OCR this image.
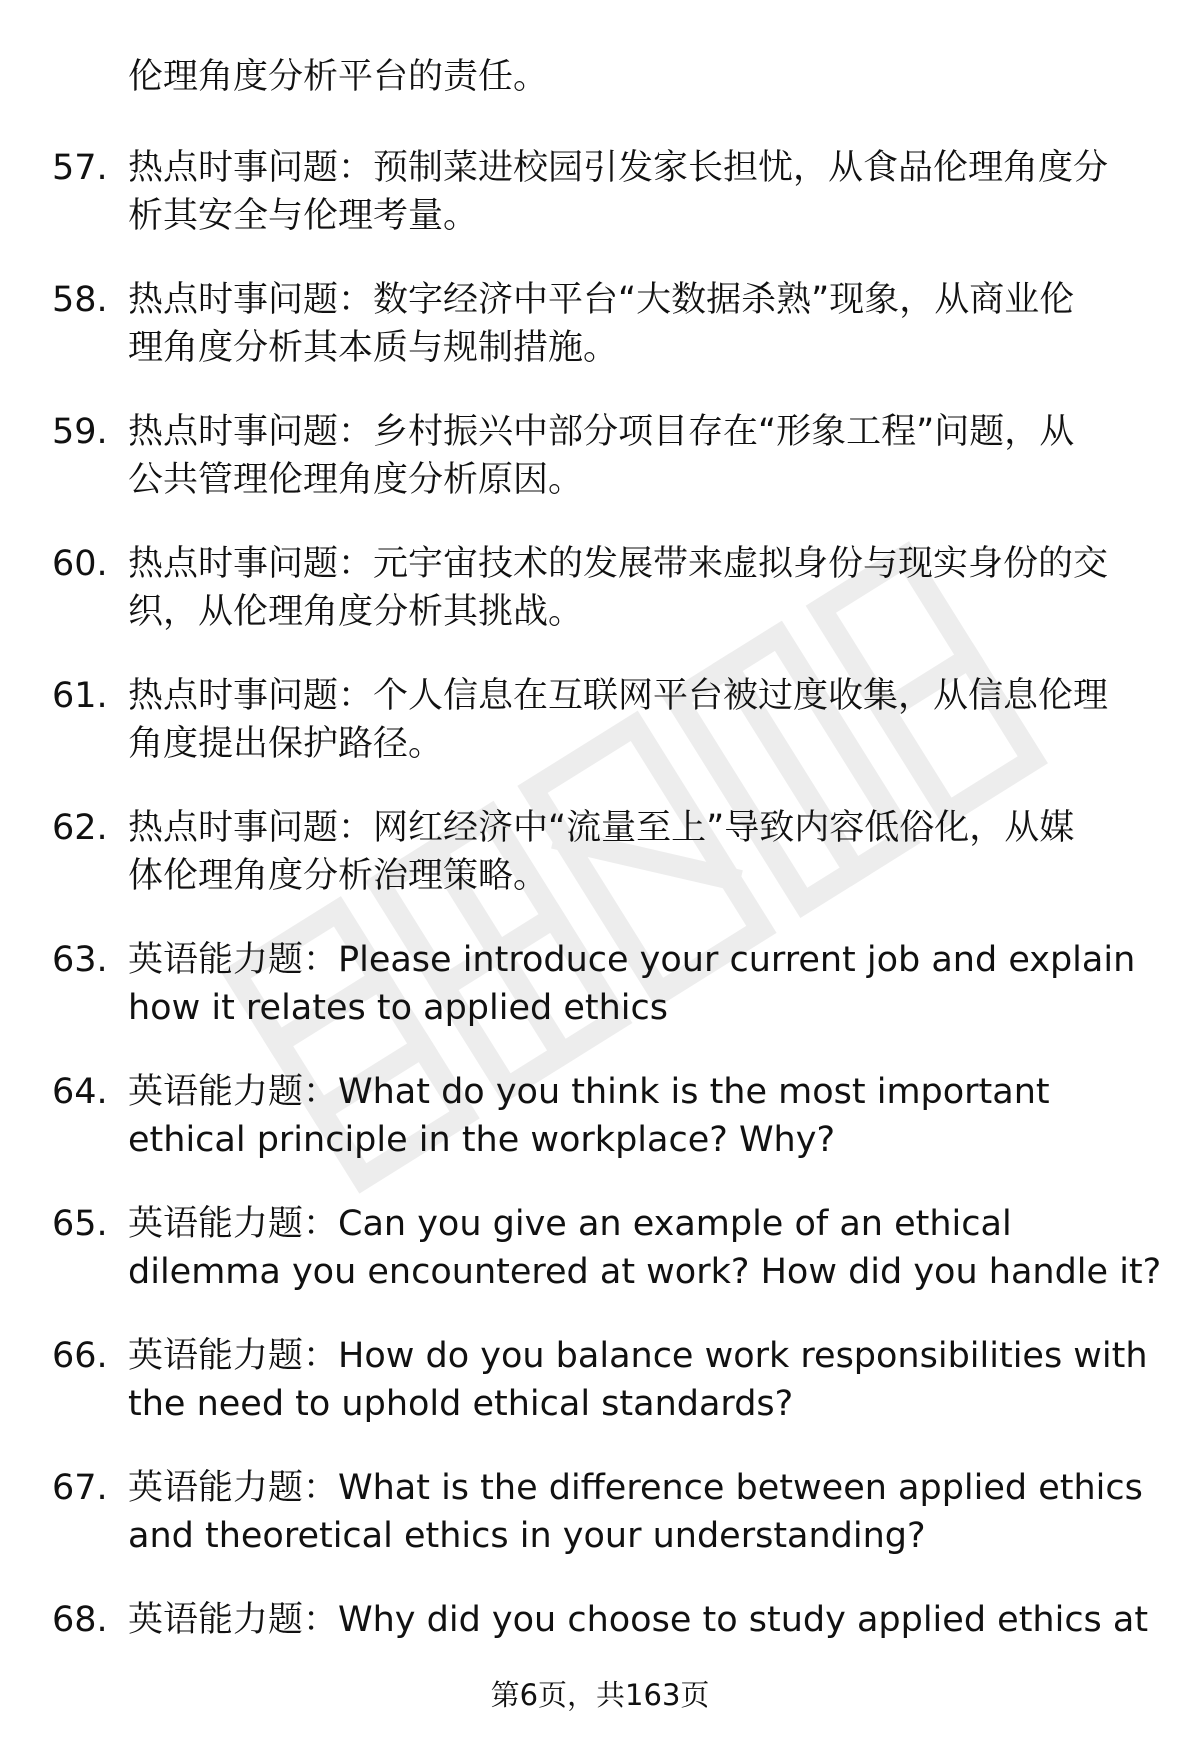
伦理角度分析平台的责任。
57. 热点时事问题：预制菜进校园引发家长担忧，从食品伦理角度分
析其安全与伦理考量。
58. 热点时事问题：数字经济中平台“大数据杀熟”现象，从商业伦
理角度分析其本质与规制措施。
59. 热点时事问题：乡村振兴中部分项目存在“形象工程”问题，从
公共管理伦理角度分析原因。
60. 热点时事问题：元宇宙技术的发展带来虚拟身份与现实身份的交
织，从伦理角度分析其挑战。
61. 热点时事问题：个人信息在互联网平台被过度收集，从信息伦理
角度提出保护路径。
62. 热点时事问题：网红经济中“流量至上”导致内容低俗化，从媒
体伦理角度分析治理策略。
63. 英语能力题：Please introduce your current job and explain
how it relates to applied ethics
64. 英语能力题：What do you think is the most important
ethical principle in the workplace? Why?
65. 英语能力题：Can you give an example of an ethical
dilemma you encountered at work? How did you handle it?
66. 英语能力题：How do you balance work responsibilities with
the need to uphold ethical standards?
67. 英语能力题：What is the difference between applied ethics
and theoretical ethics in your understanding?
68. 英语能力题：Why did you choose to study applied ethics at
第6页，共163页
